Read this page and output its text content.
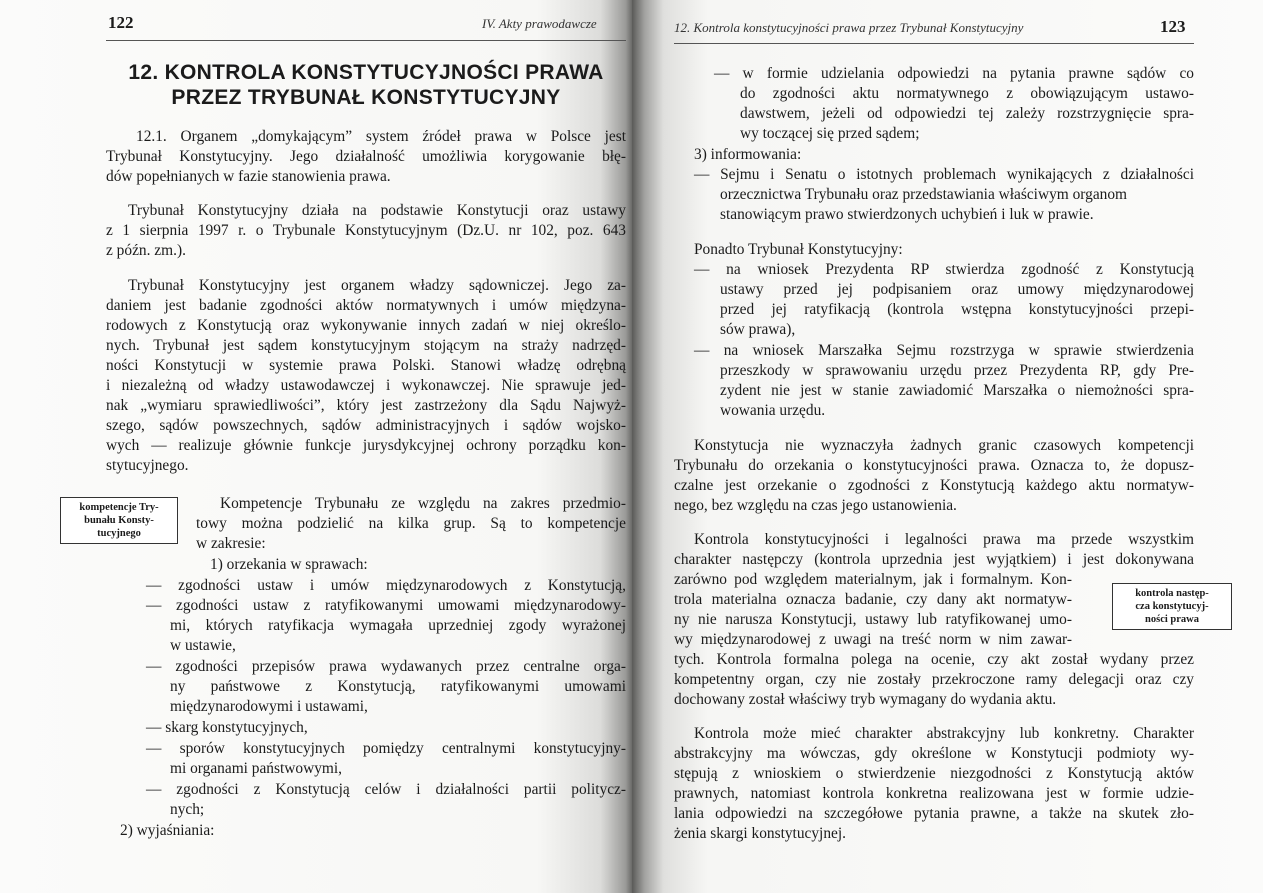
122	IV. Akty prawodawcze
12. KONTROLA KONSTYTUCYJNOŚCI PRAWA
PRZEZ TRYBUNAŁ KONSTYTUCYJNY
12.1. Organem „domykającym” system źródeł prawa w Polsce jest
Trybunał Konstytucyjny. Jego działalność umożliwia korygowanie błę-
dów popełnianych w fazie stanowienia prawa.
Trybunał Konstytucyjny działa na podstawie Konstytucji oraz ustawy
z 1 sierpnia 1997 r. o Trybunale Konstytucyjnym (Dz.U. nr 102, poz. 643
z późn. zm.).
Trybunał Konstytucyjny jest organem władzy sądowniczej. Jego za-
daniem jest badanie zgodności aktów normatywnych i umów międzyna-
rodowych z Konstytucją oraz wykonywanie innych zadań w niej określo-
nych. Trybunał jest sądem konstytucyjnym stojącym na straży nadrzęd-
ności Konstytucji w systemie prawa Polski. Stanowi władzę odrębną
i niezależną od władzy ustawodawczej i wykonawczej. Nie sprawuje jed-
nak „wymiaru sprawiedliwości”, który jest zastrzeżony dla Sądu Najwyż-
szego, sądów powszechnych, sądów administracyjnych i sądów wojsko-
wych — realizuje głównie funkcje jurysdykcyjnej ochrony porządku kon-
stytucyjnego.
kompetencje Try-
bunału Konsty-
tucyjnego
Kompetencje Trybunału ze względu na zakres przedmio-
towy można podzielić na kilka grup. Są to kompetencje
w zakresie:
1) orzekania w sprawach:
— zgodności ustaw i umów międzynarodowych z Konstytucją,
— zgodności ustaw z ratyfikowanymi umowami międzynarodowy-
mi, których ratyfikacja wymagała uprzedniej zgody wyrażonej
w ustawie,
— zgodności przepisów prawa wydawanych przez centralne orga-
ny państwowe z Konstytucją, ratyfikowanymi umowami
międzynarodowymi i ustawami,
— skarg konstytucyjnych,
— sporów konstytucyjnych pomiędzy centralnymi konstytucyjny-
mi organami państwowymi,
— zgodności z Konstytucją celów i działalności partii politycz-
nych;
2) wyjaśniania:
12. Kontrola konstytucyjności prawa przez Trybunał Konstytucyjny	123
— w formie udzielania odpowiedzi na pytania prawne sądów co
do zgodności aktu normatywnego z obowiązującym ustawo-
dawstwem, jeżeli od odpowiedzi tej zależy rozstrzygnięcie spra-
wy toczącej się przed sądem;
3) informowania:
— Sejmu i Senatu o istotnych problemach wynikających z działalności
orzecznictwa Trybunału oraz przedstawiania właściwym organom
stanowiącym prawo stwierdzonych uchybień i luk w prawie.
Ponadto Trybunał Konstytucyjny:
— na wniosek Prezydenta RP stwierdza zgodność z Konstytucją
ustawy przed jej podpisaniem oraz umowy międzynarodowej
przed jej ratyfikacją (kontrola wstępna konstytucyjności przepi-
sów prawa),
— na wniosek Marszałka Sejmu rozstrzyga w sprawie stwierdzenia
przeszkody w sprawowaniu urzędu przez Prezydenta RP, gdy Pre-
zydent nie jest w stanie zawiadomić Marszałka o niemożności spra-
wowania urzędu.
Konstytucja nie wyznaczyła żadnych granic czasowych kompetencji
Trybunału do orzekania o konstytucyjności prawa. Oznacza to, że dopusz-
czalne jest orzekanie o zgodności z Konstytucją każdego aktu normatyw-
nego, bez względu na czas jego ustanowienia.
Kontrola konstytucyjności i legalności prawa ma przede wszystkim
charakter następczy (kontrola uprzednia jest wyjątkiem) i jest dokonywana
zarówno pod względem materialnym, jak i formalnym. Kon-
trola materialna oznacza badanie, czy dany akt normatyw-
ny nie narusza Konstytucji, ustawy lub ratyfikowanej umo-
wy międzynarodowej z uwagi na treść norm w nim zawar-
tych. Kontrola formalna polega na ocenie, czy akt został wydany przez
kompetentny organ, czy nie zostały przekroczone ramy delegacji oraz czy
dochowany został właściwy tryb wymagany do wydania aktu.
kontrola następ-
cza konstytucyj-
ności prawa
Kontrola może mieć charakter abstrakcyjny lub konkretny. Charakter
abstrakcyjny ma wówczas, gdy określone w Konstytucji podmioty wy-
stępują z wnioskiem o stwierdzenie niezgodności z Konstytucją aktów
prawnych, natomiast kontrola konkretna realizowana jest w formie udzie-
lania odpowiedzi na szczegółowe pytania prawne, a także na skutek zło-
żenia skargi konstytucyjnej.
